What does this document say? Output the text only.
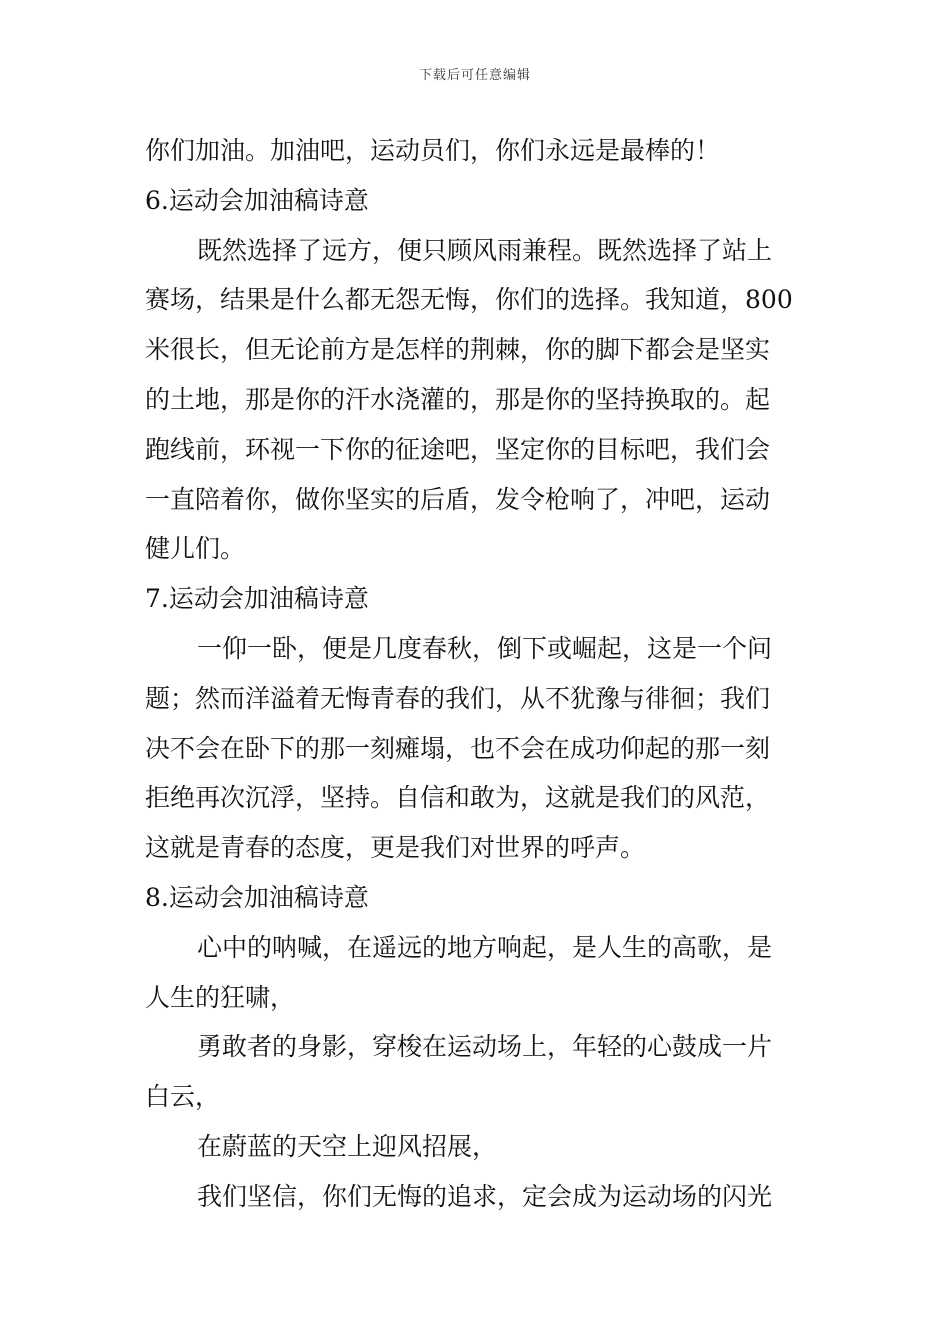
下载后可任意编辑
你们加油。加油吧，运动员们，你们永远是最棒的！
6.运动会加油稿诗意
既然选择了远方，便只顾风雨兼程。既然选择了站上
赛场，结果是什么都无怨无悔，你们的选择。我知道，800
米很长，但无论前方是怎样的荆棘，你的脚下都会是坚实
的土地，那是你的汗水浇灌的，那是你的坚持换取的。起
跑线前，环视一下你的征途吧，坚定你的目标吧，我们会
一直陪着你，做你坚实的后盾，发令枪响了，冲吧，运动
健儿们。
7.运动会加油稿诗意
一仰一卧，便是几度春秋，倒下或崛起，这是一个问
题；然而洋溢着无悔青春的我们，从不犹豫与徘徊；我们
决不会在卧下的那一刻瘫塌，也不会在成功仰起的那一刻
拒绝再次沉浮，坚持。自信和敢为，这就是我们的风范，
这就是青春的态度，更是我们对世界的呼声。
8.运动会加油稿诗意
心中的呐喊，在遥远的地方响起，是人生的高歌，是
人生的狂啸，
勇敢者的身影，穿梭在运动场上，年轻的心鼓成一片
白云，
在蔚蓝的天空上迎风招展，
我们坚信，你们无悔的追求，定会成为运动场的闪光
